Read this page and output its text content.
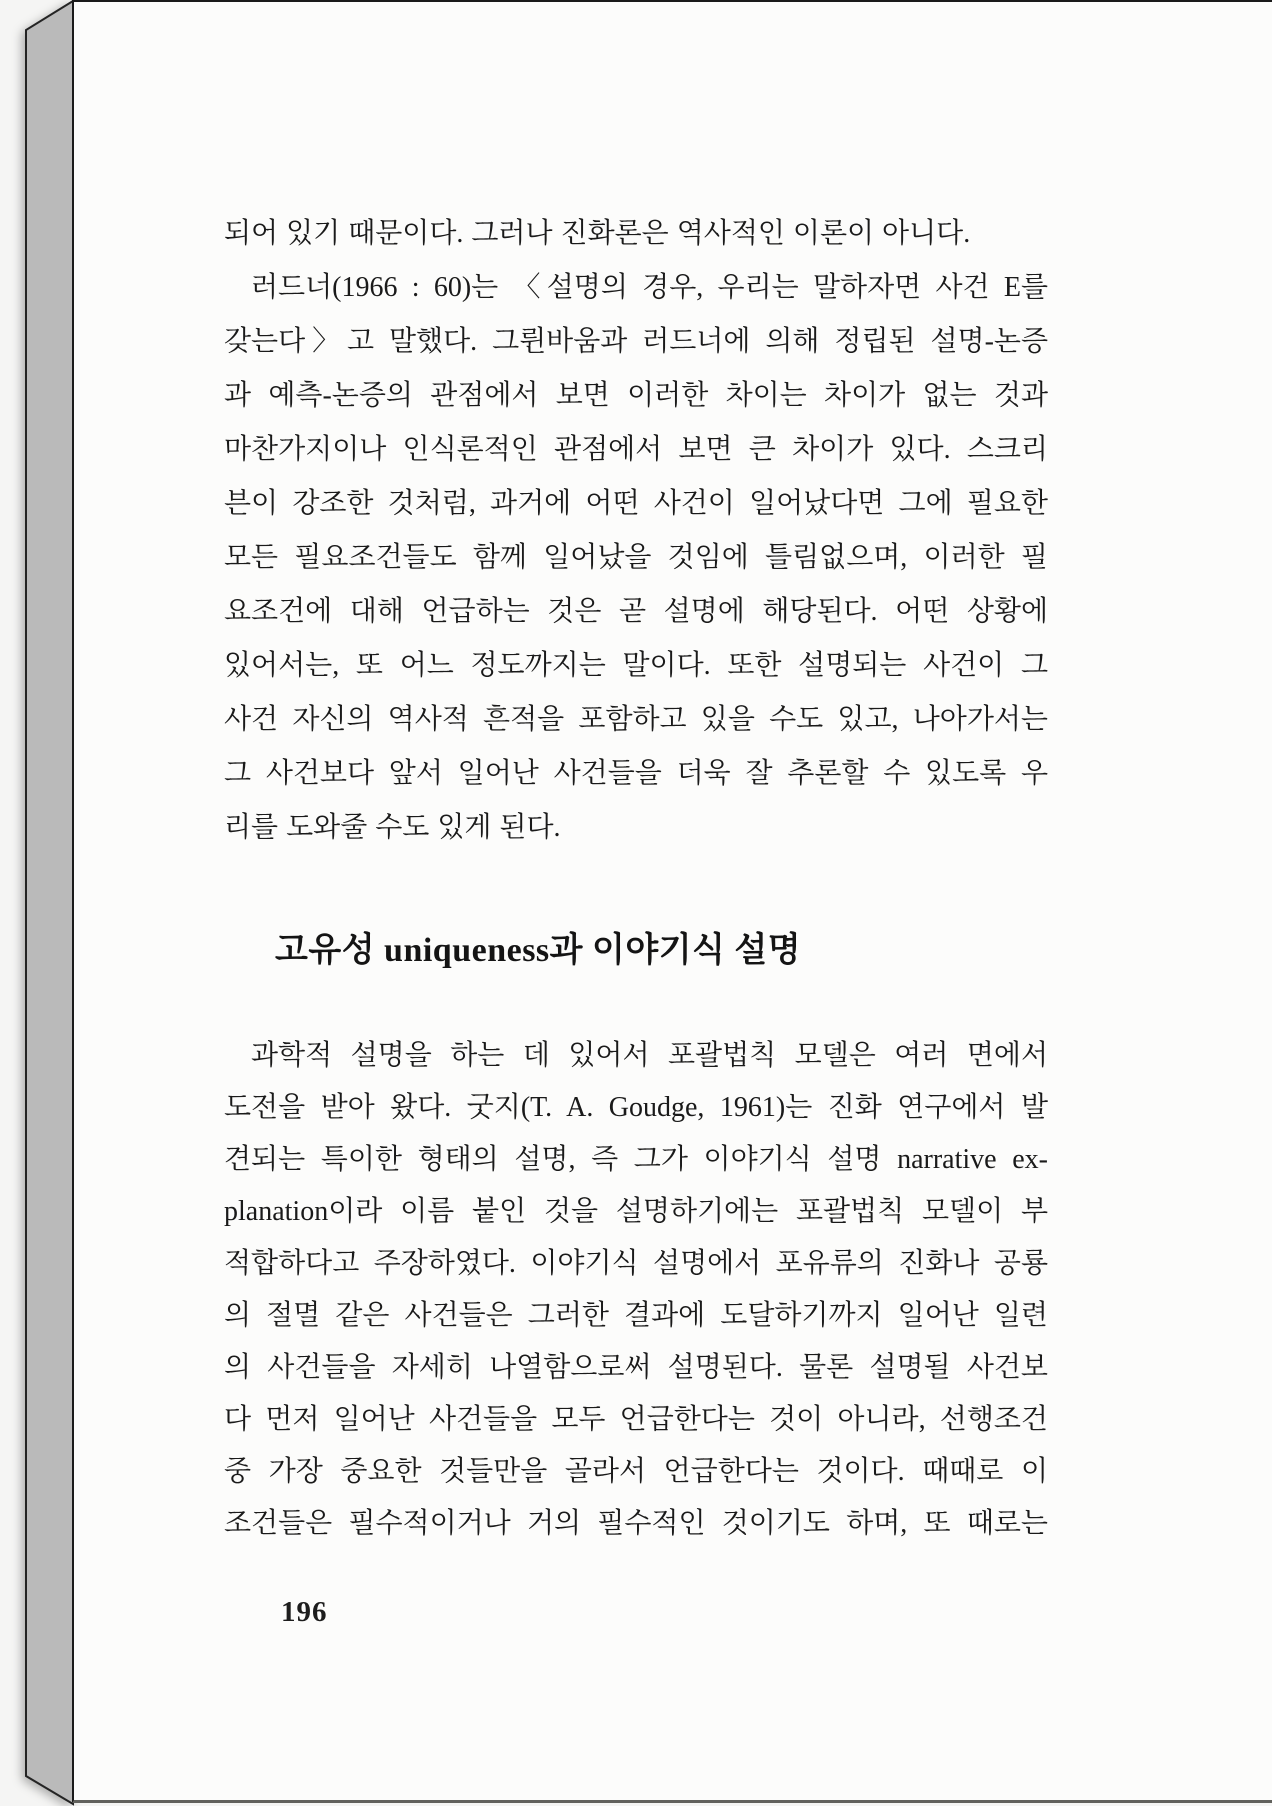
되어 있기 때문이다. 그러나 진화론은 역사적인 이론이 아니다.
러드너(1966 : 60)는 〈설명의 경우, 우리는 말하자면 사건 E를
갖는다〉고 말했다. 그륀바움과 러드너에 의해 정립된 설명-논증
과 예측-논증의 관점에서 보면 이러한 차이는 차이가 없는 것과
마찬가지이나 인식론적인 관점에서 보면 큰 차이가 있다. 스크리
븐이 강조한 것처럼, 과거에 어떤 사건이 일어났다면 그에 필요한
모든 필요조건들도 함께 일어났을 것임에 틀림없으며, 이러한 필
요조건에 대해 언급하는 것은 곧 설명에 해당된다. 어떤 상황에
있어서는, 또 어느 정도까지는 말이다. 또한 설명되는 사건이 그
사건 자신의 역사적 흔적을 포함하고 있을 수도 있고, 나아가서는
그 사건보다 앞서 일어난 사건들을 더욱 잘 추론할 수 있도록 우
리를 도와줄 수도 있게 된다.
고유성 uniqueness과 이야기식 설명
과학적 설명을 하는 데 있어서 포괄법칙 모델은 여러 면에서
도전을 받아 왔다. 굿지(T. A. Goudge, 1961)는 진화 연구에서 발
견되는 특이한 형태의 설명, 즉 그가 이야기식 설명 narrative ex-
planation이라 이름 붙인 것을 설명하기에는 포괄법칙 모델이 부
적합하다고 주장하였다. 이야기식 설명에서 포유류의 진화나 공룡
의 절멸 같은 사건들은 그러한 결과에 도달하기까지 일어난 일련
의 사건들을 자세히 나열함으로써 설명된다. 물론 설명될 사건보
다 먼저 일어난 사건들을 모두 언급한다는 것이 아니라, 선행조건
중 가장 중요한 것들만을 골라서 언급한다는 것이다. 때때로 이
조건들은 필수적이거나 거의 필수적인 것이기도 하며, 또 때로는
196
